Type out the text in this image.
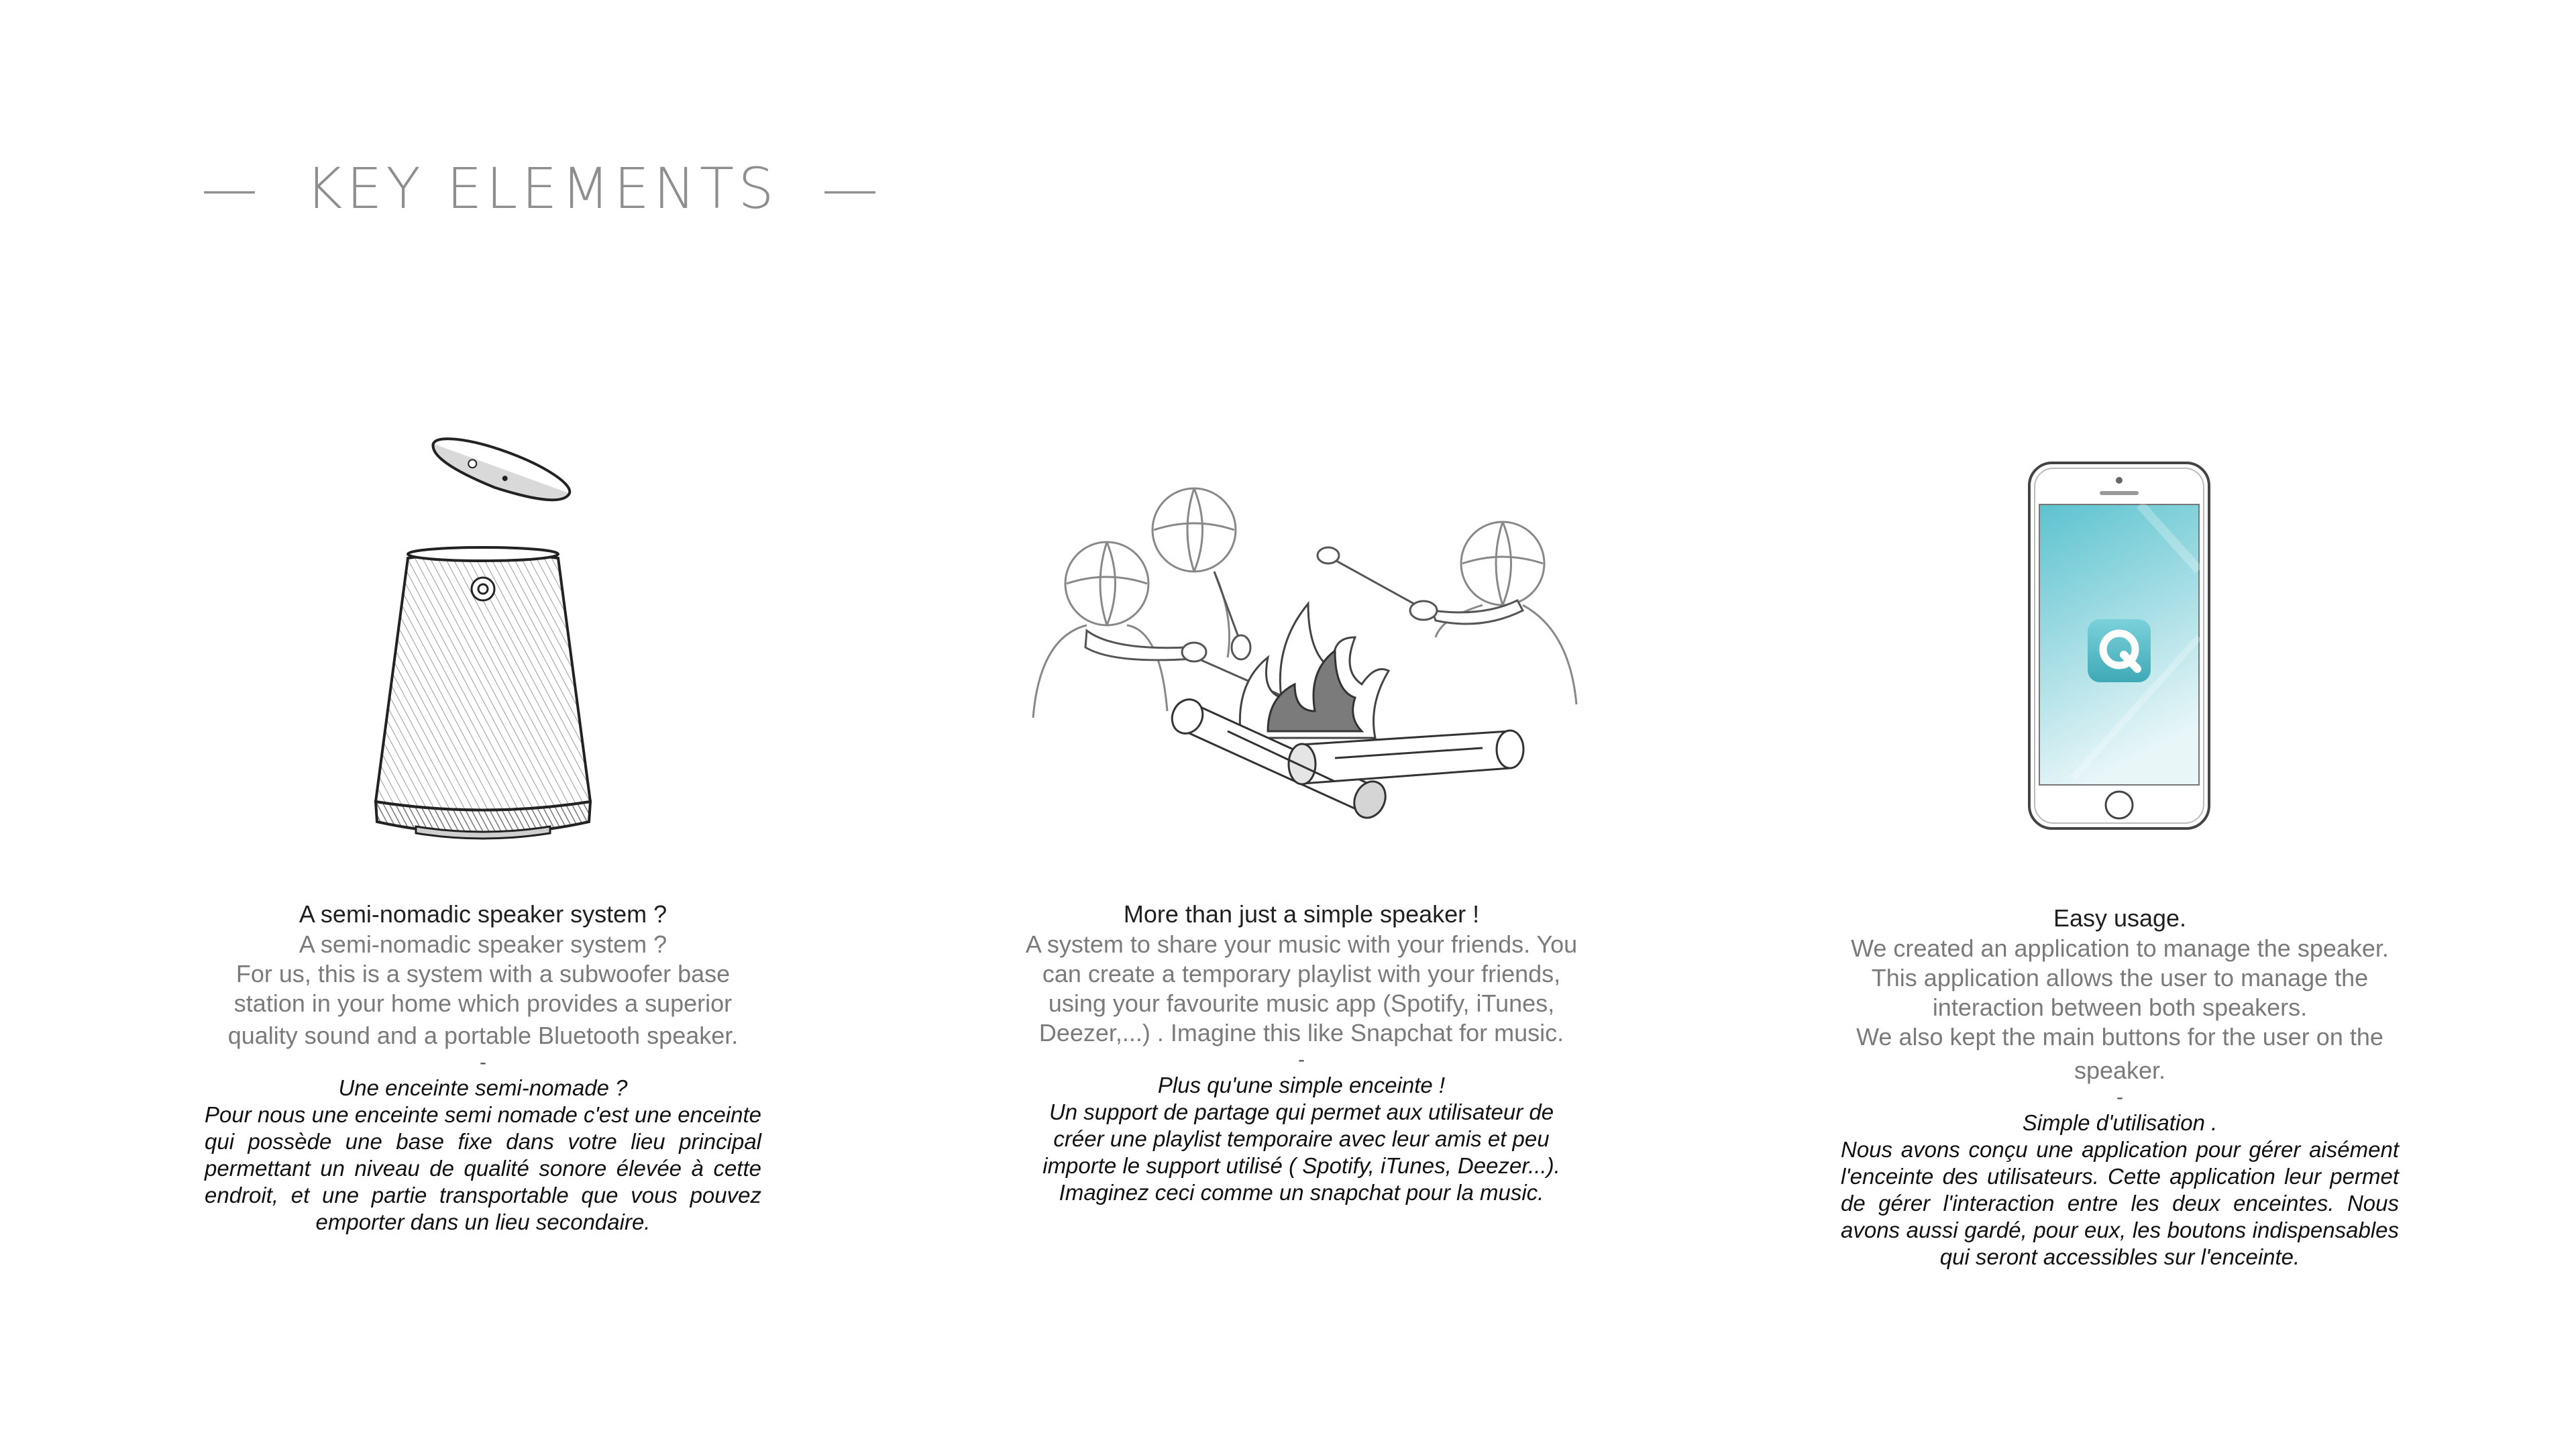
—  KEY ELEMENTS  —
A semi-nomadic speaker system ?
A semi-nomadic speaker system ?
For us, this is a system with a subwoofer base
station in your home which provides a superior
quality sound and a portable Bluetooth speaker.
-
Une enceinte semi-nomade ?
Pour nous une enceinte semi nomade c'est une enceinte qui possède une base fixe dans votre lieu principal permettant un niveau de qualité sonore élevée à cette endroit, et une partie transportable que vous pouvez emporter dans un lieu secondaire.
More than just a simple speaker !
A system to share your music with your friends. You
can create a temporary playlist with your friends,
using your favourite music app (Spotify, iTunes,
Deezer,...) . Imagine this like Snapchat for music.
-
Plus qu'une simple enceinte !
Un support de partage qui permet aux utilisateur de
créer une playlist temporaire avec leur amis et peu
importe le support utilisé ( Spotify, iTunes, Deezer...).
Imaginez ceci comme un snapchat pour la music.
Easy usage.
We created an application to manage the speaker.
This application allows the user to manage the
interaction between both speakers.
We also kept the main buttons for the user on the
speaker.
-
Simple d'utilisation .
Nous avons conçu une application pour gérer aisément l'enceinte des utilisateurs. Cette application leur permet de gérer l'interaction entre les deux enceintes. Nous avons aussi gardé, pour eux, les boutons indispensables qui seront accessibles sur l'enceinte.
